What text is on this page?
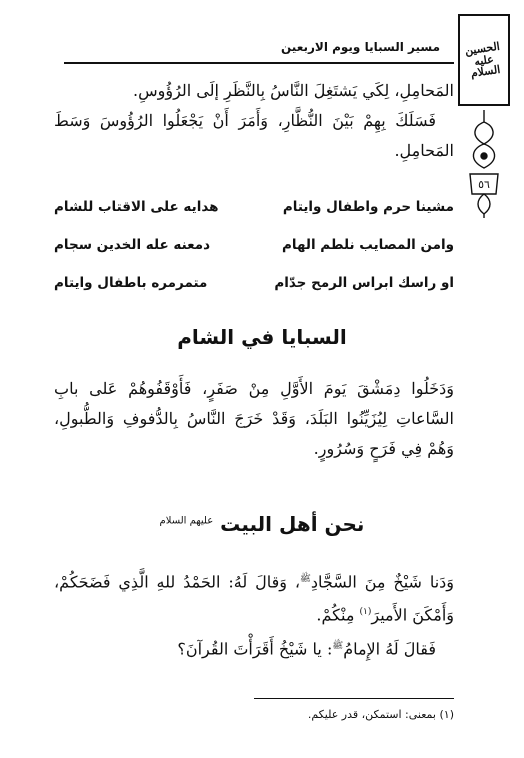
الحسين عليه السلام
مسير السبايا ويوم الاربعين
٥٦
المَحامِلِ، لِكَي يَشتَغِلَ النَّاسُ بِالنَّظَرِ إلَى الرُؤُوسِ.
فَسَلَكَ بِهِمْ بَيْنَ النُّظَّارِ، وَأَمَرَ أَنْ يَجْعَلُوا الرُؤُوسَ وَسَطَ المَحامِلِ.
مشينا حرم واطفال وايتام
هدايه على الاقتاب للشام
وامن المصايب نلطم الهام
دمعنه عله الخدين سجام
او راسك ابراس الرمح جدّام
متمرمره باطفال وايتام
السبايا في الشام
وَدَخَلُوا دِمَشْقَ يَومَ الأَوَّلِ مِنْ صَفَرٍ، فَأَوْقَفُوهُمْ عَلى بابِ السَّاعاتِ لِيُزَيِّنُوا البَلَدَ، وَقَدْ خَرَجَ النَّاسُ بِالدُّفوفِ وَالطُّبولِ، وَهُمْ فِي فَرَحٍ وَسُرُورٍ.
نحن أهل البيت $^{عليهم السلام}$
وَدَنا شَيْخٌ مِنَ السَّجَّادِ$^ﷺ$، وَقالَ لَهُ: الحَمْدُ للهِ الَّذِي فَضَحَكُمْ، وَأَمْكَنَ الأَميرَ$^{(١)}$ مِنْكُمْ.
فَقالَ لَهُ الإِمامُ$^ﷺ$: يا شَيْخُ أَقَرَأْتَ القُرآنَ؟
(١) بمعنى: استمكن، قدر عليكم.
